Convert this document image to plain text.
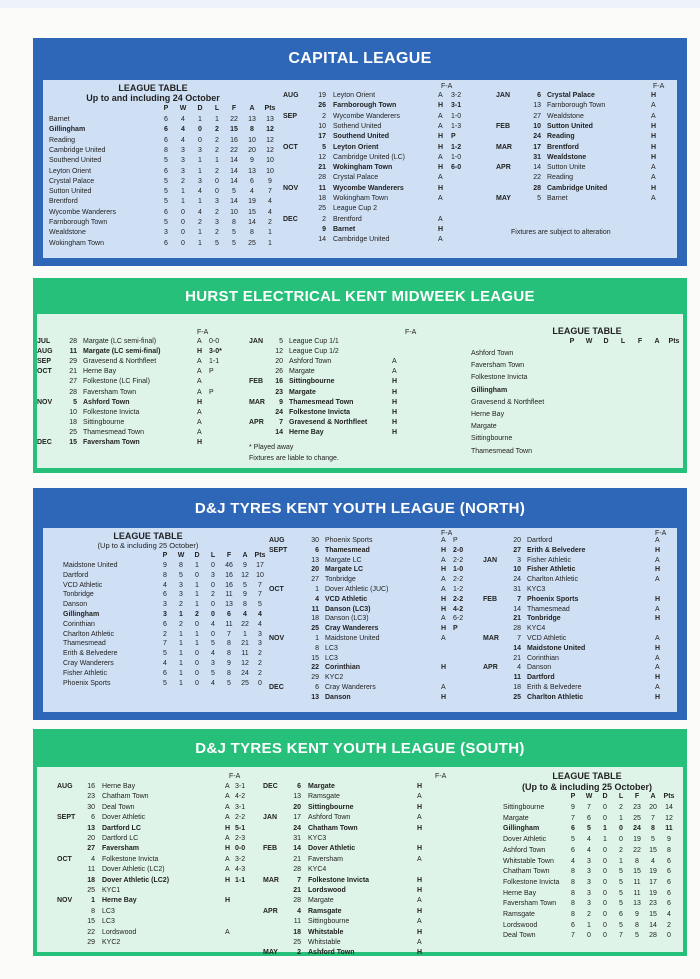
CAPITAL LEAGUE
LEAGUE TABLE
Up to and including 24 October
F-A	F-A
Fixtures are subject to alteration
P W D L F A Pts
Barnet	6 4 1 1 22 13 13
Gillingham	6 4 0 2 15 8 12
Reading	6 4 0 2 16 10 12
Cambridge United	8 3 3 2 22 20 12
Southend United	5 3 1 1 14 9 10
Leyton Orient	6 3 1 2 14 13 10
Crystal Palace	5 2 3 0 14 6 9
Sutton United	5 1 4 0 5 4 7
Brentford	5 1 1 3 14 19 4
Wycombe Wanderers	6 0 4 2 10 15 4
Farnborough Town	5 0 2 3 8 14 2
Wealdstone	3 0 1 2 5 8 1
Wokingham Town	6 0 1 5 5 25 1
AUG	19 Leyton Orient	A 3-2
26 Farnborough Town	H 3-1
SEP	2 Wycombe Wanderers	A 1-0
10 Sothend United	A 1-3
17 Southend United	H P
OCT	5 Leyton Orient	H 1-2
12 Cambridge United (LC)	A 1-0
21 Wokingham Town	H 6-0
28 Crystal Palace	A
NOV	11 Wycombe Wanderers	H
18 Wokingham Town	A
25 League Cup 2
DEC	2 Brentford	A
9 Barnet	H
14 Cambridge United	A
JAN	6 Crystal Palace	H
13 Farnborough Town	A
27 Wealdstone	A
FEB	10 Sutton United	H
24 Reading	H
MAR	17 Brentford	H
31 Wealdstone	H
APR	14 Sutton Unite	A
22 Reading	A
28 Cambridge United	H
MAY	5 Barnet	A
HURST ELECTRICAL KENT MIDWEEK LEAGUE
F-A	F-A	LEAGUE TABLE
* Played away
Fixtures are liable to change.
JUL	28 Margate (LC semi-final)	A 0-0
AUG 11 Margate (LC semi-final)	H 3-0*
SEP	29 Gravesend & Northfleet	A 1-1
OCT 21 Herne Bay	A P
27 Folkestone (LC Final)	A
28 Faversham Town	A P
NOV	5 Ashford Town	H
10 Folkestone Invicta	A
18 Sittingbourne	A
25 Thamesmead Town	A
DEC 15 Faversham Town	H
JAN 5 League Cup 1/1
12 League Cup 1/2
20 Ashford Town	A
26 Margate	A
FEB 16 Sittingbourne	H
23 Margate	H
MAR 9 Thamesmead Town	H
24 Folkestone Invicta	H
APR 7 Gravesend & Northfleet	H
14 Herne Bay	H
P W D L F A Pts
Ashford Town
Faversham Town
Folkestone Invicta
Gillingham
Gravesend & Northfleet
Herne Bay
Margate
Sittingbourne
Thamesmead Town
D&J TYRES KENT YOUTH LEAGUE (NORTH)
LEAGUE TABLE
(Up to & including 25 October)
F-A	F-A
P W D L F A Pts
Maidstone United	9 8 1 0 46 9 17
Dartford	8 5 0 3 16 12 10
VCD Athletic	4 3 1 0 16 5 7
Tonbridge	6 3 1 2 11 9 7
Danson	3 2 1 0 13 8 5
Gillingham	3 1 2 0 6 4 4
Corinthian	6 2 0 4 11 22 4
Charlton Athletic	2 1 1 0 7 1 3
Thamesmead	7 1 1 5 8 21 3
Erith & Belvedere	5 1 0 4 8 11 2
Cray Wanderers	4 1 0 3 9 12 2
Fisher Athletic	6 1 0 5 8 24 2
Phoenix Sports	5 1 0 4 5 25 0
AUG	30 Phoenix Sports	A P
SEPT	6 Thamesmead	H 2-0
13 Margate LC	A 2-2
20 Margate LC	H 1-0
27 Tonbridge	A 2-2
OCT	1 Dover Athletic (JUC)	A 1-2
4 VCD Athletic	H 2-2
11 Danson (LC3)	H 4-2
18 Danson (LC3)	A 6-2
25 Cray Wanderers	H P
NOV	1 Maidstone United	A
8 LC3
15 LC3
22 Corinthian	H
29 KYC2
DEC	6 Cray Wanderers	A
13 Danson	H
20 Dartford	A
27 Erith & Belvedere	H
JAN	3 Fisher Athletic	A
10 Fisher Athletic	H
24 Charlton Athletic	A
31 KYC3
FEB	7 Phoenix Sports	H
14 Thamesmead	A
21 Tonbridge	H
28 KYC4
MAR	7 VCD Athletic	A
14 Maidstone United	H
21 Corinthian	A
APR	4 Danson	A
11 Dartford	H
18 Erith & Belvedere	A
25 Charlton Athletic	H
D&J TYRES KENT YOUTH LEAGUE (SOUTH)
F-A	F-A	LEAGUE TABLE
(Up to & including 25 October)
AUG 16 Herne Bay	A 3-1
23 Chatham Town	A 4-2
30 Deal Town	A 3-1
SEPT 6 Dover Athletic	A 2-2
13 Dartford LC	H 5-1
20 Dartford LC	A 2-3
27 Faversham	H 0-0
OCT	4 Folkestone Invicta	A 3-2
11 Dover Athletic (LC2)	A 4-3
18 Dover Athletic (LC2)	H 1-1
25 KYC1
NOV	1 Herne Bay	H
8 LC3
15 LC3
22 Lordswood	A
29 KYC2
DEC	6 Margate	H
13 Ramsgate	A
20 Sittingbourne	H
JAN 17 Ashford Town	A
24 Chatham Town	H
31 KYC3
FEB 14 Dover Athletic	H
21 Faversham	A
28 KYC4
MAR	7 Folkestone Invicta	H
21 Lordswood	H
28 Margate	A
APR	4 Ramsgate	H
11 Sittingbourne	A
18 Whitstable	H
25 Whitstable	A
MAY	2 Ashford Town	H
P W D L F A Pts
Sittingbourne	9 7 0 2 23 20 14
Margate	7 6 0 1 25 7 12
Gillingham	6 5 1 0 24 8 11
Dover Athletic	5 4 1 0 19 5 9
Ashford Town	6 4 0 2 22 15 8
Whitstable Town 4 3 0 1 8 4 6
Chatham Town	8 3 0 5 15 19 6
Folkestone Invicta 8 3 0 5 11 17 6
Herne Bay	8 3 0 5 11 19 6
Faversham Town 8 3 0 5 13 23 6
Ramsgate	8 2 0 6 9 15 4
Lordswood	6 1 0 5 8 14 2
Deal Town	7 0 0 7 5 28 0
